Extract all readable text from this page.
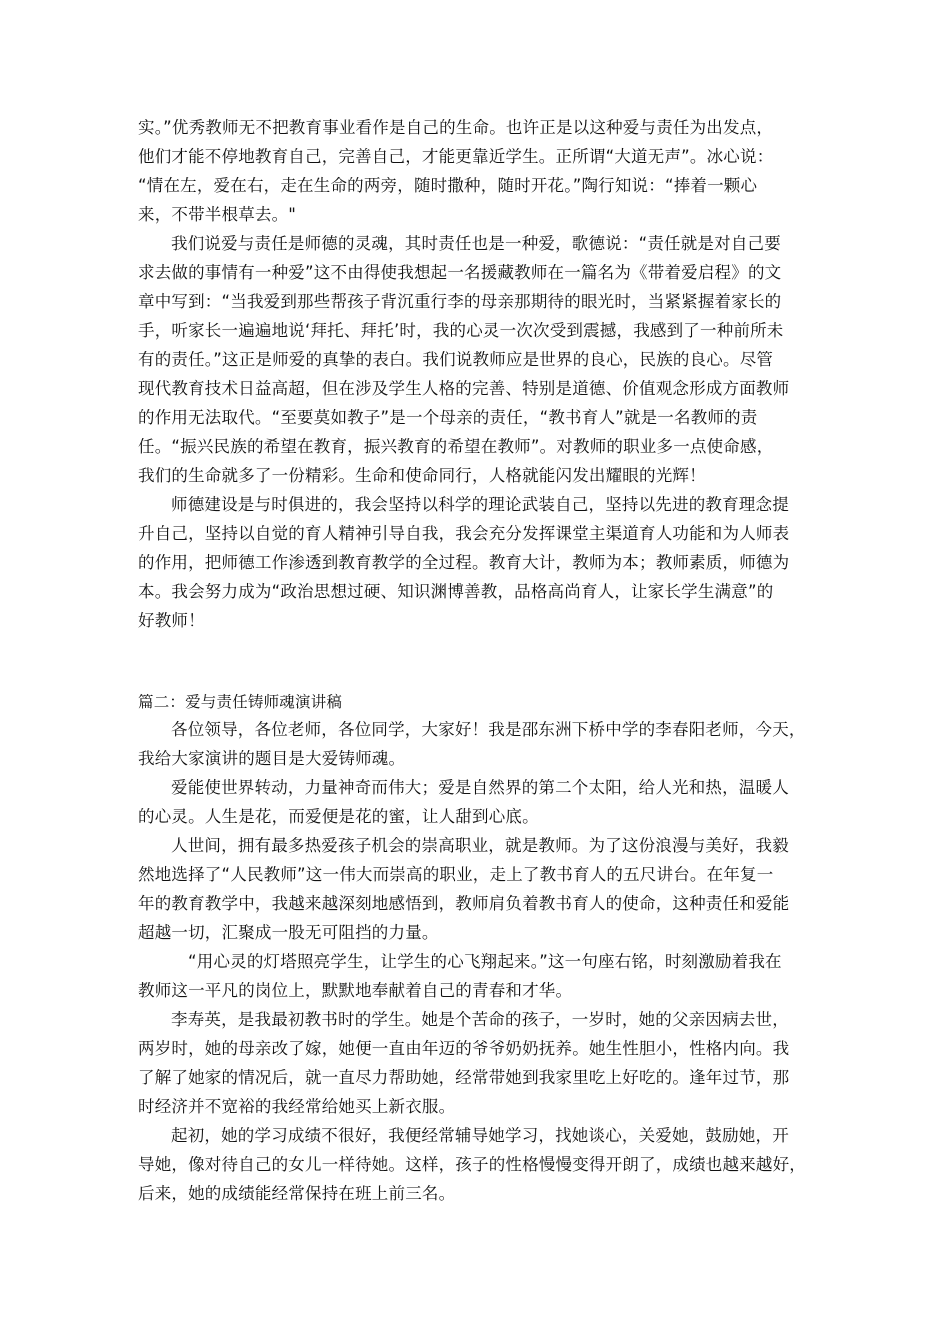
实。”优秀教师无不把教育事业看作是自己的生命。也许正是以这种爱与责任为出发点，
他们才能不停地教育自己，完善自己，才能更靠近学生。正所谓“大道无声”。冰心说：
“情在左，爱在右，走在生命的两旁，随时撒种，随时开花。”陶行知说：“捧着一颗心
来，不带半根草去。"
我们说爱与责任是师德的灵魂，其时责任也是一种爱，歌德说：“责任就是对自己要
求去做的事情有一种爱”这不由得使我想起一名援藏教师在一篇名为《带着爱启程》的文
章中写到：“当我爱到那些帮孩子背沉重行李的母亲那期待的眼光时，当紧紧握着家长的
手，听家长一遍遍地说‘拜托、拜托’时，我的心灵一次次受到震撼，我感到了一种前所未
有的责任。”这正是师爱的真挚的表白。我们说教师应是世界的良心，民族的良心。尽管
现代教育技术日益高超，但在涉及学生人格的完善、特别是道德、价值观念形成方面教师
的作用无法取代。“至要莫如教子”是一个母亲的责任，“教书育人”就是一名教师的责
任。“振兴民族的希望在教育，振兴教育的希望在教师”。对教师的职业多一点使命感，
我们的生命就多了一份精彩。生命和使命同行，人格就能闪发出耀眼的光辉！
师德建设是与时俱进的，我会坚持以科学的理论武装自己，坚持以先进的教育理念提
升自己，坚持以自觉的育人精神引导自我，我会充分发挥课堂主渠道育人功能和为人师表
的作用，把师德工作渗透到教育教学的全过程。教育大计，教师为本；教师素质，师德为
本。我会努力成为“政治思想过硬、知识渊博善教，品格高尚育人，让家长学生满意”的
好教师！
篇二：爱与责任铸师魂演讲稿
各位领导，各位老师，各位同学，大家好！我是邵东洲下桥中学的李春阳老师，今天，
我给大家演讲的题目是大爱铸师魂。
爱能使世界转动，力量神奇而伟大；爱是自然界的第二个太阳，给人光和热，温暖人
的心灵。人生是花，而爱便是花的蜜，让人甜到心底。
人世间，拥有最多热爱孩子机会的崇高职业，就是教师。为了这份浪漫与美好，我毅
然地选择了“人民教师”这一伟大而崇高的职业，走上了教书育人的五尺讲台。在年复一
年的教育教学中，我越来越深刻地感悟到，教师肩负着教书育人的使命，这种责任和爱能
超越一切，汇聚成一股无可阻挡的力量。
“用心灵的灯塔照亮学生，让学生的心飞翔起来。”这一句座右铭，时刻激励着我在
教师这一平凡的岗位上，默默地奉献着自己的青春和才华。
李寿英，是我最初教书时的学生。她是个苦命的孩子，一岁时，她的父亲因病去世，
两岁时，她的母亲改了嫁，她便一直由年迈的爷爷奶奶抚养。她生性胆小，性格内向。我
了解了她家的情况后，就一直尽力帮助她，经常带她到我家里吃上好吃的。逢年过节，那
时经济并不宽裕的我经常给她买上新衣服。
起初，她的学习成绩不很好，我便经常辅导她学习，找她谈心，关爱她，鼓励她，开
导她，像对待自己的女儿一样待她。这样，孩子的性格慢慢变得开朗了，成绩也越来越好，
后来，她的成绩能经常保持在班上前三名。
